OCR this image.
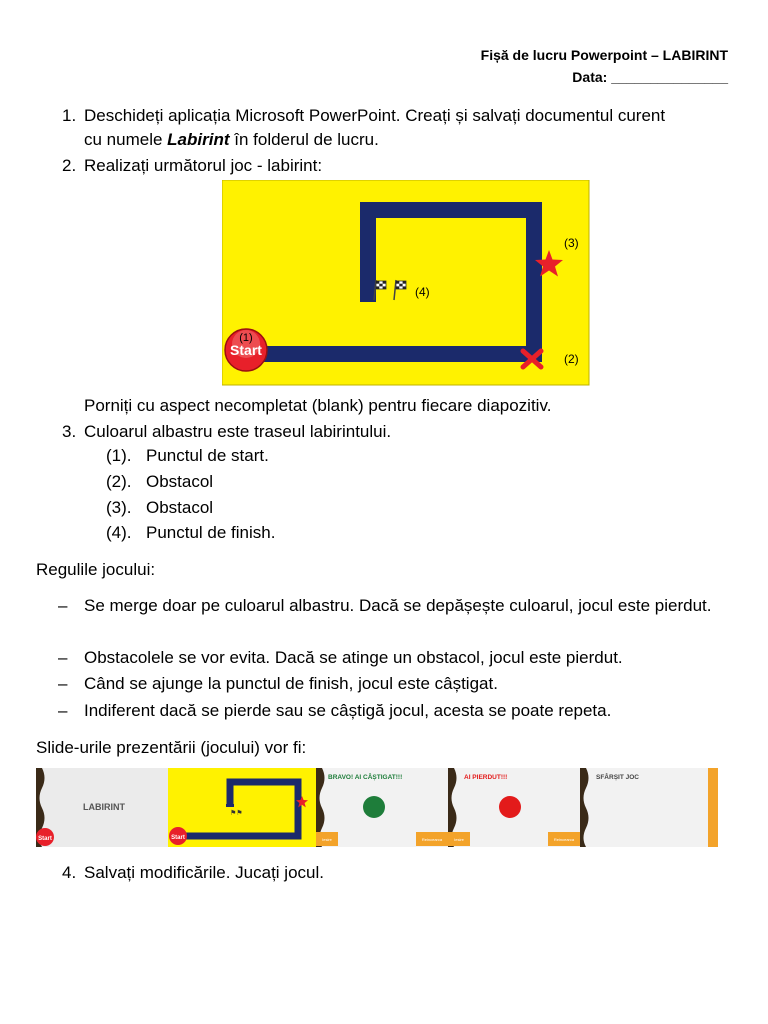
Fișă de lucru Powerpoint – LABIRINT
Data: _______________
1. Deschideți aplicația Microsoft PowerPoint. Creați și salvați documentul curent
cu numele Labirint în folderul de lucru.
2. Realizați următorul joc - labirint:
Start
(1)
(2)
(3)
(4)
Porniți cu aspect necompletat (blank) pentru fiecare diapozitiv.
3. Culoarul albastru este traseul labirintului.
(1). Punctul de start.
(2). Obstacol
(3). Obstacol
(4). Punctul de finish.
Regulile jocului:
– Se merge doar pe culoarul albastru. Dacă se depășește culoarul, jocul este pierdut.
– Obstacolele se vor evita. Dacă se atinge un obstacol, jocul este pierdut.
– Când se ajunge la punctul de finish, jocul este câștigat.
– Indiferent dacă se pierde sau se câștigă jocul, acesta se poate repeta.
Slide-urile prezentării (jocului) vor fi:
LABIRINT
Start
⚑⚑
Start
BRAVO! AI CÂȘTIGAT!!!
Iesire	Reincearca
AI PIERDUT!!!
Iesire	Reincearca
SFÂRȘIT JOC
4. Salvați modificările. Jucați jocul.
